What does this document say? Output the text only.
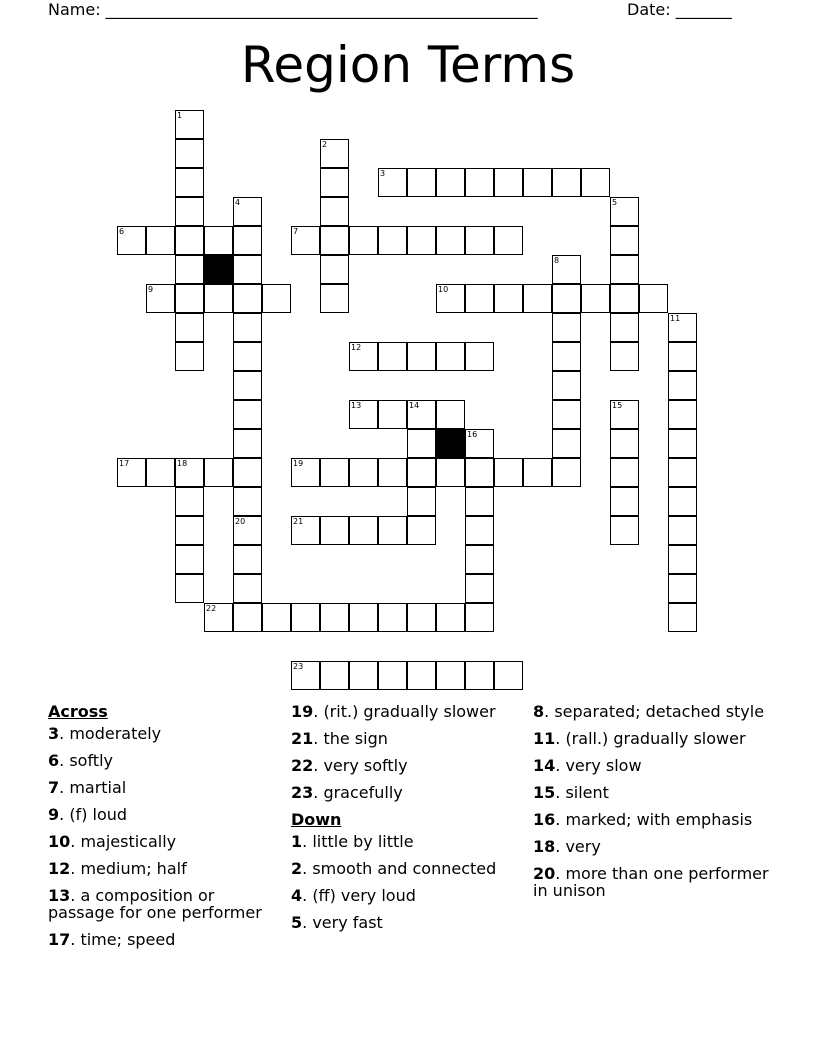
Name: ______________________________________________________	Date: _______
Region Terms
1
2
3
4	5
6	7
8
9	10
11
12
13	14	15
16
17	18	19
20	21
22
23
Across
3. moderately
6. softly
7. martial
9. (f) loud
10. majestically
12. medium; half
13. a composition or passage for one performer
17. time; speed
19. (rit.) gradually slower
21. the sign
22. very softly
23. gracefully
Down
1. little by little
2. smooth and connected
4. (ff) very loud
5. very fast
8. separated; detached style
11. (rall.) gradually slower
14. very slow
15. silent
16. marked; with emphasis
18. very
20. more than one performer in unison
